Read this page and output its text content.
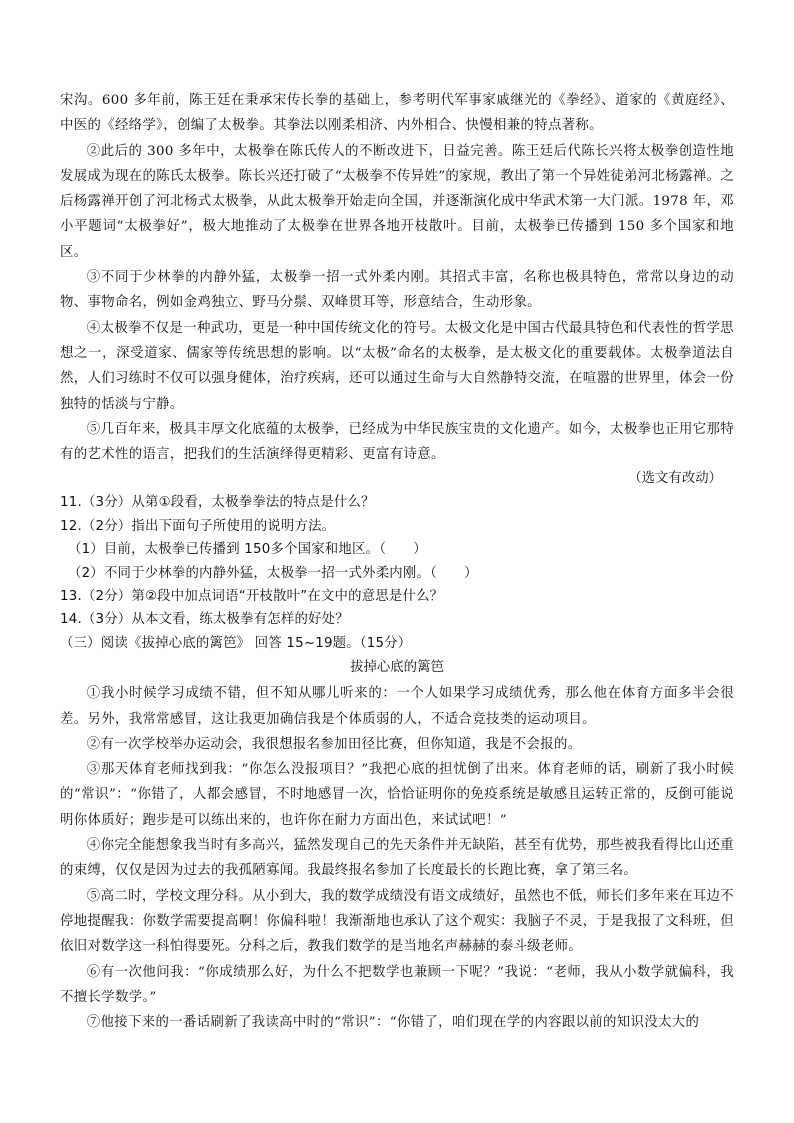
宋沟。600 多年前，陈王廷在秉承宋传长拳的基础上，参考明代军事家戚继光的《拳经》、道家的《黄庭经》、中医的《经络学》，创编了太极拳。其拳法以刚柔相济、内外相合、快慢相兼的特点著称。

②此后的 300 多年中，太极拳在陈氏传人的不断改进下，日益完善。陈王廷后代陈长兴将太极拳创造性地发展成为现在的陈氏太极拳。陈长兴还打破了“太极拳不传异姓”的家规，教出了第一个异姓徒弟河北杨露禅。之后杨露禅开创了河北杨式太极拳，从此太极拳开始走向全国，并逐渐演化成中华武术第一大门派。1978 年，邓小平题词“太极拳好”，极大地推动了太极拳在世界各地开枝散叶。目前，太极拳已传播到 150 多个国家和地区。

③不同于少林拳的内静外猛，太极拳一招一式外柔内刚。其招式丰富，名称也极具特色，常常以身边的动物、事物命名，例如金鸡独立、野马分鬃、双峰贯耳等，形意结合，生动形象。

④太极拳不仅是一种武功，更是一种中国传统文化的符号。太极文化是中国古代最具特色和代表性的哲学思想之一，深受道家、儒家等传统思想的影响。以“太极”命名的太极拳，是太极文化的重要载体。太极拳道法自然，人们习练时不仅可以强身健体，治疗疾病，还可以通过生命与大自然静特交流，在喧嚣的世界里，体会一份独特的恬淡与宁静。

⑤几百年来，极具丰厚文化底蕴的太极拳，已经成为中华民族宝贵的文化遗产。如今，太极拳也正用它那特有的艺术性的语言，把我们的生活演绎得更精彩、更富有诗意。

（选文有改动）

11.（3分）从第①段看，太极拳拳法的特点是什么？

12.（2分）指出下面句子所使用的说明方法。

（1）目前，太极拳已传播到 150多个国家和地区。（　　）

（2）不同于少林拳的内静外猛，太极拳一招一式外柔内刚。（　　）

13.（2分）第②段中加点词语“开枝散叶”在文中的意思是什么？

14.（3分）从本文看，练太极拳有怎样的好处？

（三）阅读《拔掉心底的篱笆》 回答 15~19题。（15分）

拔掉心底的篱笆

①我小时候学习成绩不错，但不知从哪儿听来的：一个人如果学习成绩优秀，那么他在体育方面多半会很差。另外，我常常感冒，这让我更加确信我是个体质弱的人，不适合竞技类的运动项目。

②有一次学校举办运动会，我很想报名参加田径比赛，但你知道，我是不会报的。

③那天体育老师找到我：“你怎么没报项目？”我把心底的担忧倒了出来。体育老师的话，刷新了我小时候的“常识”：“你错了，人都会感冒，不时地感冒一次，恰恰证明你的免疫系统是敏感且运转正常的，反倒可能说明你体质好；跑步是可以练出来的，也许你在耐力方面出色，来试试吧！”

④你完全能想象我当时有多高兴，猛然发现自己的先天条件并无缺陷，甚至有优势，那些被我看得比山还重的束缚，仅仅是因为过去的我孤陋寡闻。我最终报名参加了长度最长的长跑比赛，拿了第三名。

⑤高二时，学校文理分科。从小到大，我的数学成绩没有语文成绩好，虽然也不低，师长们多年来在耳边不停地提醒我：你数学需要提高啊！你偏科啦！我渐渐地也承认了这个观实：我脑子不灵，于是我报了文科班，但依旧对数学这一科怕得要死。分科之后，教我们数学的是当地名声赫赫的泰斗级老师。

⑥有一次他问我：“你成绩那么好，为什么不把数学也兼顾一下呢？”我说：“老师，我从小数学就偏科，我不擅长学数学。”

⑦他接下来的一番话刷新了我读高中时的“常识”：“你错了，咱们现在学的内容跟以前的知识没太大的
